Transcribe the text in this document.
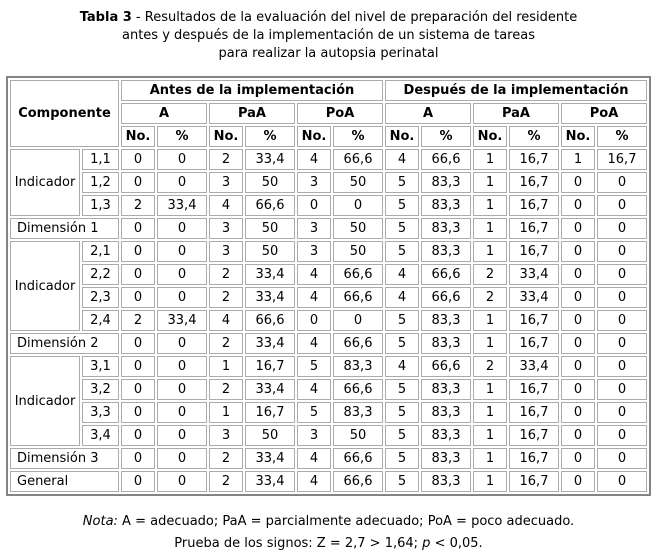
Tabla 3 - Resultados de la evaluación del nivel de preparación del residente
antes y después de la implementación de un sistema de tareas
para realizar la autopsia perinatal
Componente		Antes de la implementación						Después de la implementación					
		A		PaA		PoA		A		PaA		PoA	
		No.	%	No.	%	No.	%	No.	%	No.	%	No.	%
Indicador	1,1	0	0	2	33,4	4	66,6	4	66,6	1	16,7	1	16,7
	1,2	0	0	3	50	3	50	5	83,3	1	16,7	0	0
	1,3	2	33,4	4	66,6	0	0	5	83,3	1	16,7	0	0
Dimensión 1		0	0	3	50	3	50	5	83,3	1	16,7	0	0
Indicador	2,1	0	0	3	50	3	50	5	83,3	1	16,7	0	0
	2,2	0	0	2	33,4	4	66,6	4	66,6	2	33,4	0	0
	2,3	0	0	2	33,4	4	66,6	4	66,6	2	33,4	0	0
	2,4	2	33,4	4	66,6	0	0	5	83,3	1	16,7	0	0
Dimensión 2		0	0	2	33,4	4	66,6	5	83,3	1	16,7	0	0
Indicador	3,1	0	0	1	16,7	5	83,3	4	66,6	2	33,4	0	0
	3,2	0	0	2	33,4	4	66,6	5	83,3	1	16,7	0	0
	3,3	0	0	1	16,7	5	83,3	5	83,3	1	16,7	0	0
	3,4	0	0	3	50	3	50	5	83,3	1	16,7	0	0
Dimensión 3		0	0	2	33,4	4	66,6	5	83,3	1	16,7	0	0
General		0	0	2	33,4	4	66,6	5	83,3	1	16,7	0	0
Nota: A = adecuado; PaA = parcialmente adecuado; PoA = poco adecuado.
Prueba de los signos: Z = 2,7 > 1,64; p < 0,05.
